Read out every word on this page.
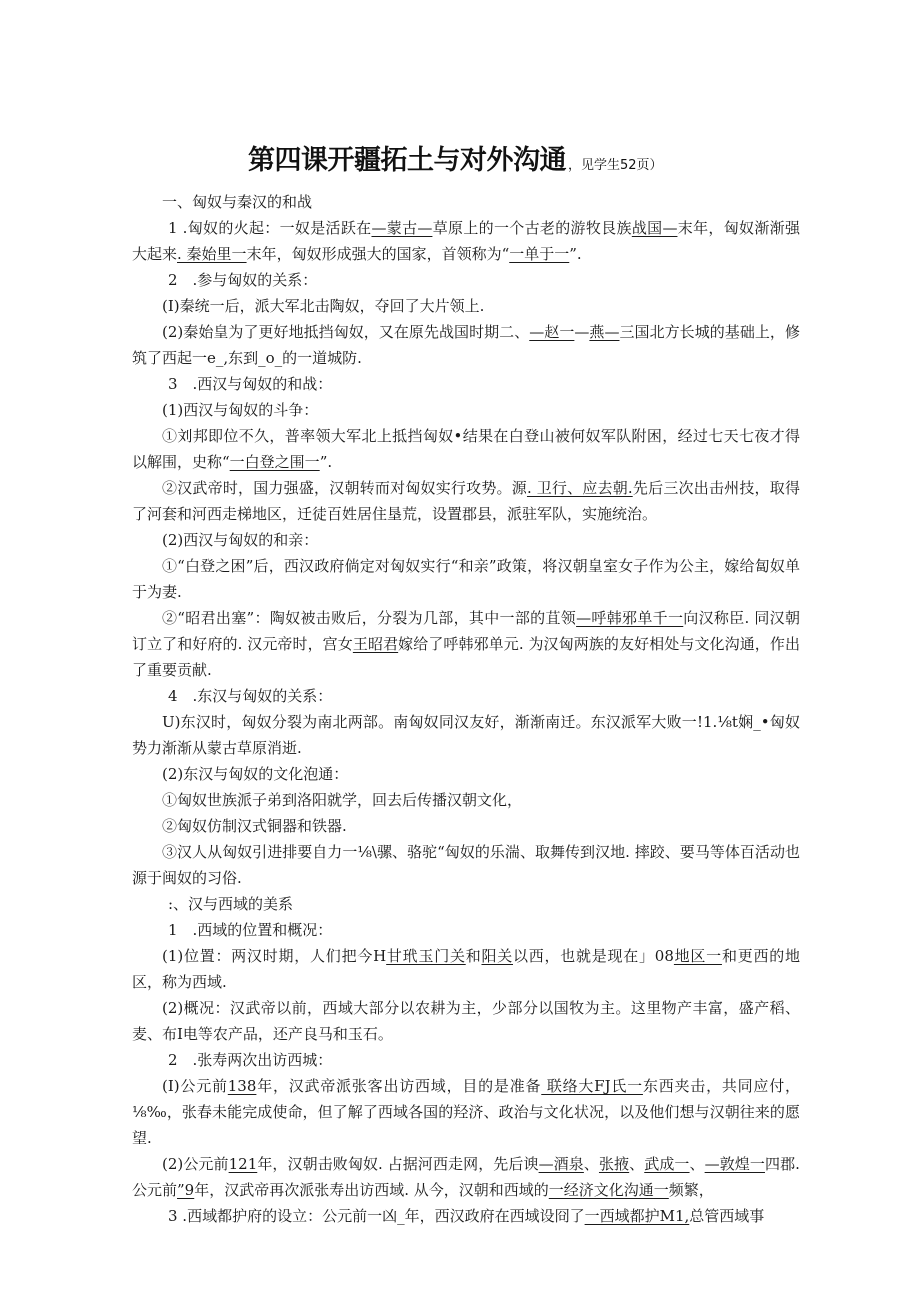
第四课开疆拓土与对外沟通 ，见学生52页）

一、匈奴与秦汉的和战

1 .匈奴的火起：一奴是活跃在—蒙古—草原上的一个古老的游牧艮族战国—末年，匈奴渐渐强大起来. 秦始里一末年，匈奴形成强大的国家，首领称为“一单于一”.

2　.参与匈奴的关系：

(I)秦统一后，派大军北击陶奴，夺回了大片领上.

(2)秦始皇为了更好地抵挡匈奴，又在原先战国时期二、—赵一—燕—三国北方长城的基础上，修筑了西起一e_,东到_o_的一道城防.

3　.西汉与匈奴的和战：

(1)西汉与匈奴的斗争：

①刘邦即位不久，普率领大军北上抵挡匈奴•结果在白登山被何奴军队附困，经过七天七夜才得以解围，史称“一白登之围一”.

②汉武帝时，国力强盛，汉朝转而对匈奴实行攻势。源. 卫行、应去朝.先后三次出击州技，取得了河套和河西走梯地区，迁徒百姓居住垦荒，设置郡县，派驻军队，实施统治。

(2)西汉与匈奴的和亲：

①“白登之困”后，西汉政府倘定对匈奴实行“和亲”政策，将汉朝皇室女子作为公主，嫁给匐奴单于为妻.

②“昭君出塞”：陶奴被击败后，分裂为几部，其中一部的苴领—呼韩邪单千一向汉称臣. 同汉朝订立了和好府的. 汉元帝时，宫女王昭君嫁给了呼韩邪单元. 为汉匈两族的友好相处与文化沟通，作出了重要贡献.

4　.东汉与匈奴的关系：

U)东汉时，匈奴分裂为南北两部。南匈奴同汉友好，渐渐南迁。东汉派军大败一!1.⅛t娴_•匈奴势力渐渐从蒙古草原消逝.

(2)东汉与匈奴的文化泡通：

①匈奴世族派子弟到洛阳就学，回去后传播汉朝文化，

②匈奴仿制汉式铜器和铁器.

③汉人从匈奴引进排要自力一⅛\骡、骆驼“匈奴的乐湍、取舞传到汉地. 摔跤、要马等体百活动也源于闽奴的习俗.

:、汉与西域的美系

1　.西域的位置和概况：

(1)位置：两汉时期，人们把今H甘玳玉门关和阳关以西，也就是现在」08地区一和更西的地区，称为西域.

(2)概况：汉武帝以前，西域大部分以农耕为主，少部分以国牧为主。这里物产丰富，盛产稻、麦、布I电等农产品，还产良马和玉石。

2　.张寿两次出访西城：

(I)公元前138年，汉武帝派张客出访西域，目的是准备 联络大FJ氏一东西夹击，共同应付，⅛‰，张春未能完成使命，但了解了西域各国的羟济、政治与文化状况，以及他们想与汉朝往来的愿望.

(2)公元前121年，汉朝击败匈奴. 占据河西走网，先后谀—酒泉、张掖、武成一、—敦煌一四郡. 公元前”9年，汉武帝再次派张寿出访西域. 从今，汉朝和西域的一经济文化沟通一频繁，

3 .西域都护府的设立：公元前一凶_年，西汉政府在西域设冏了一西域都护M1,总管西域事
